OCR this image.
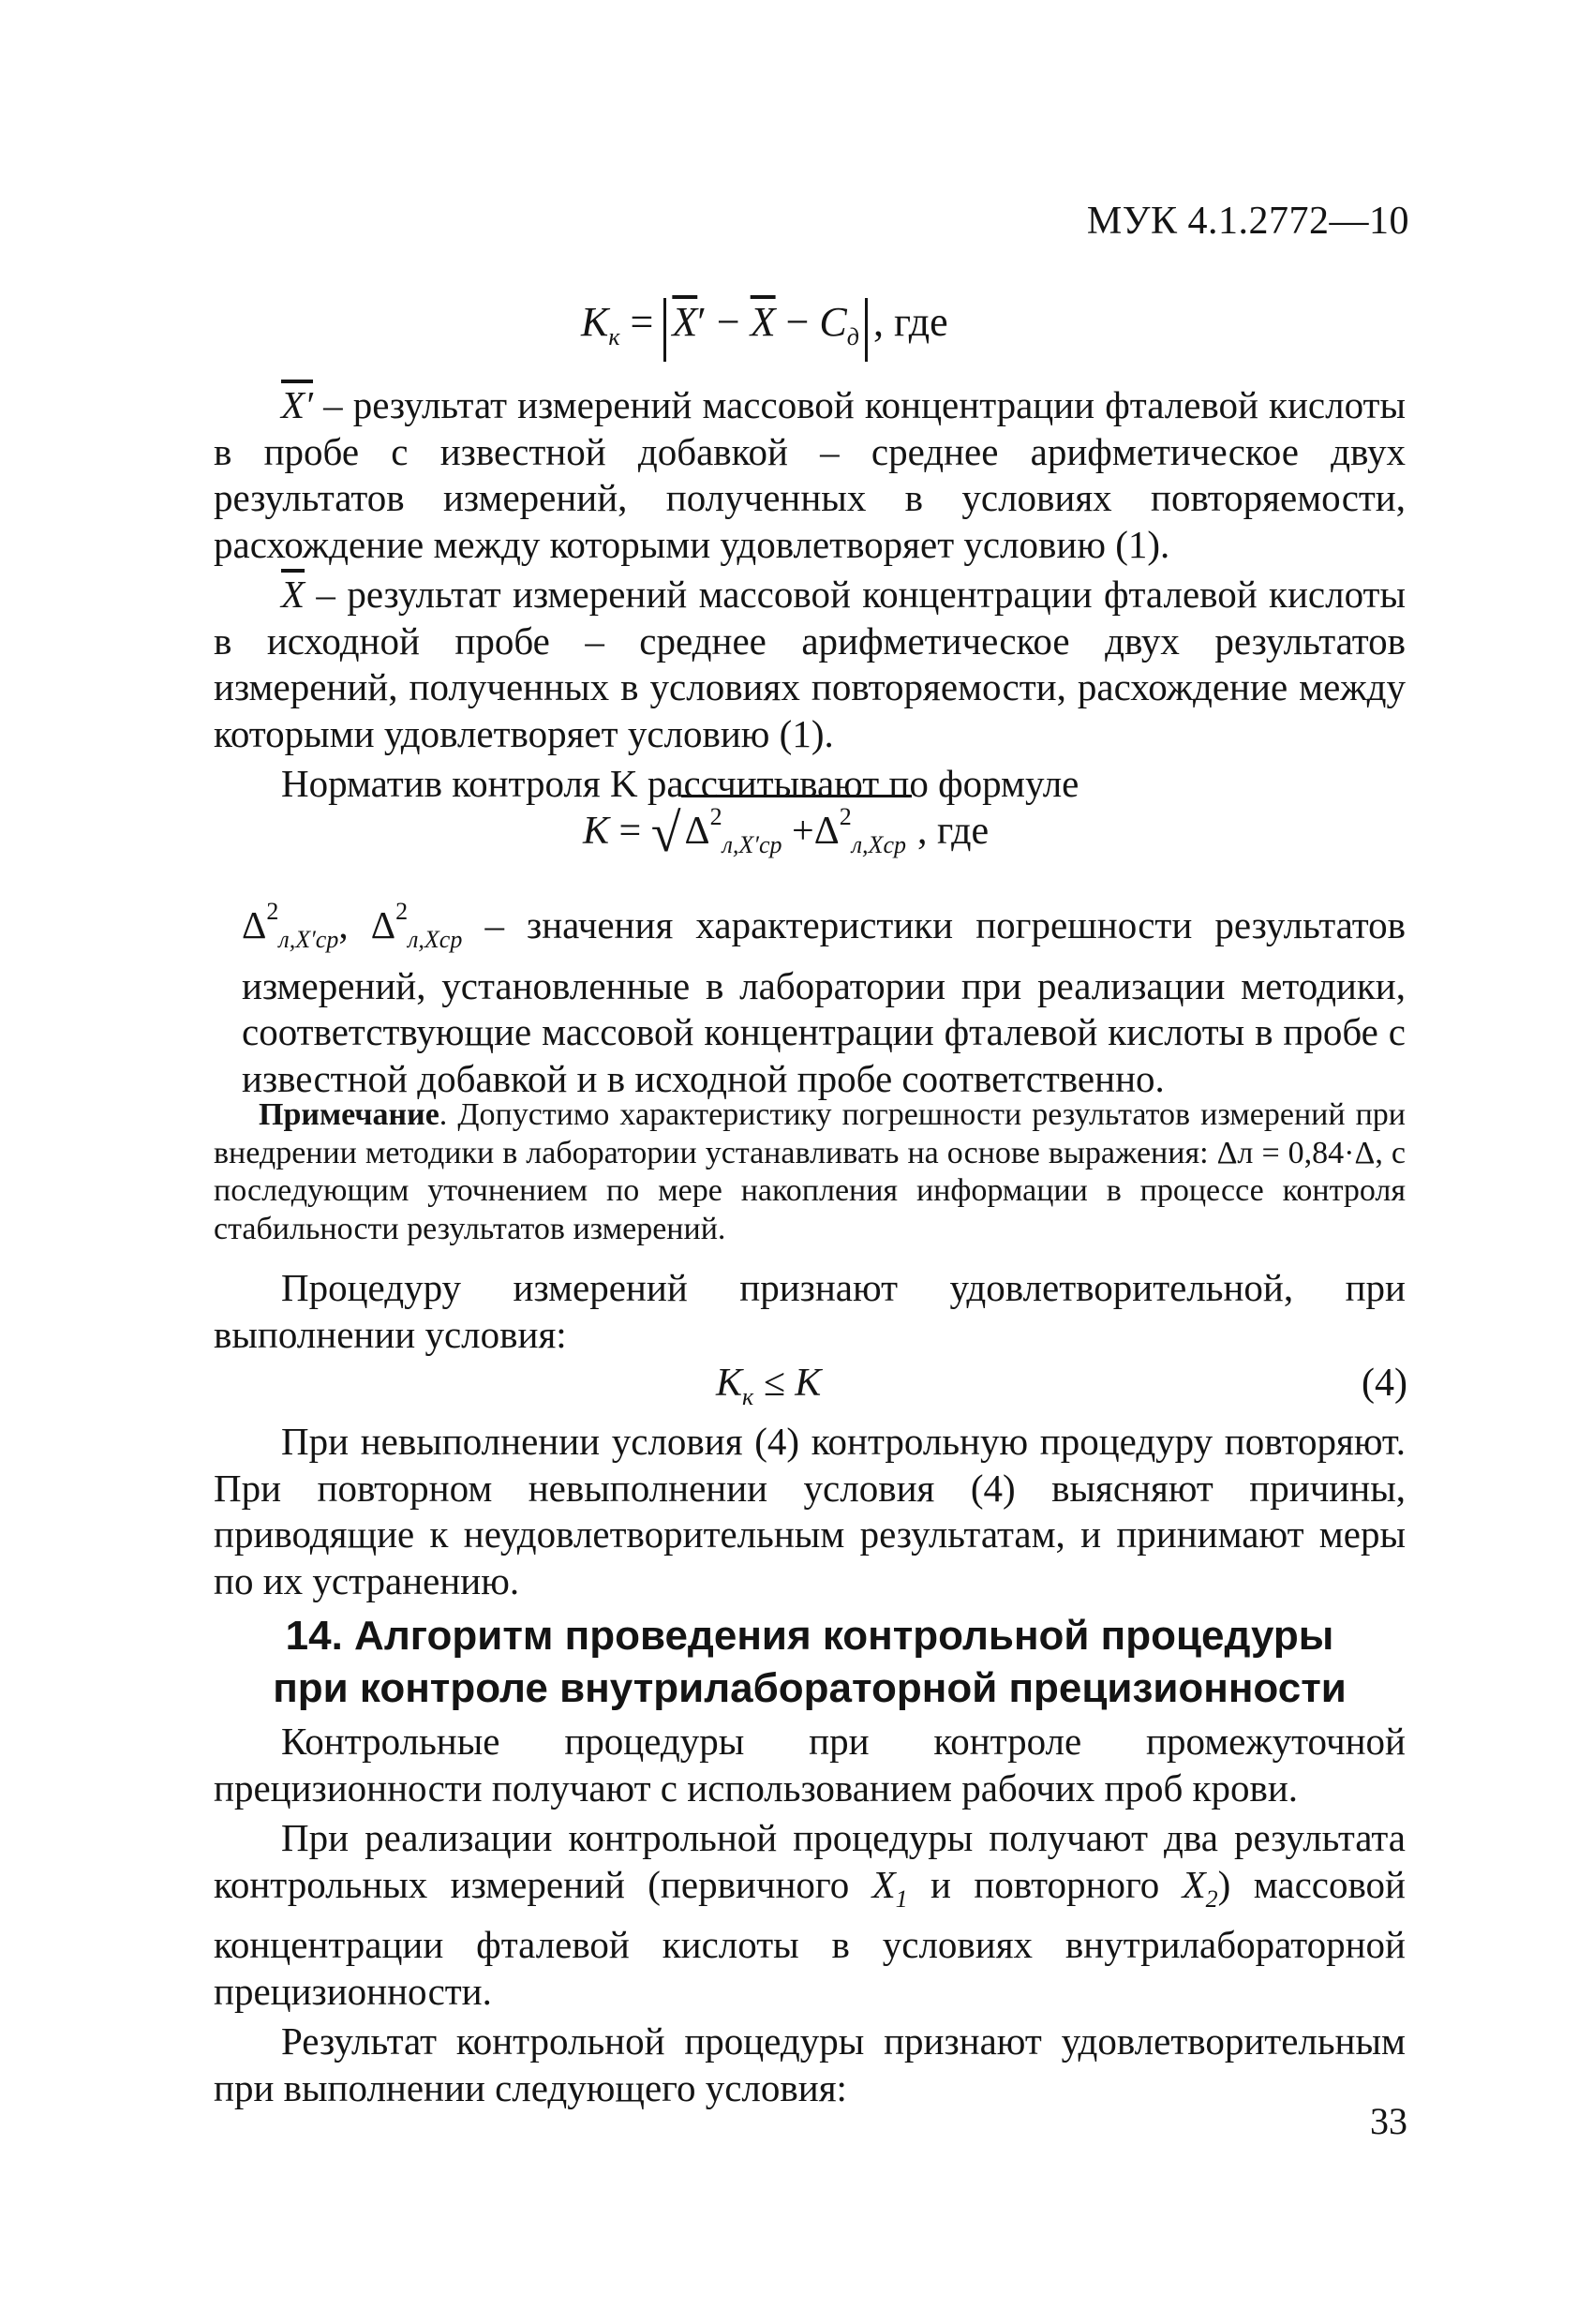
МУК 4.1.2772—10
$K_к = \overline{X}' - \overline{X} - C_д$ , где

X′ – результат измерений массовой концентрации фталевой кислоты в пробе с известной добавкой – среднее арифметическое двух результатов измерений, полученных в условиях повторяемости, расхождение между которыми удовлетворяет условию (1).

$\overline{X}$ – результат измерений массовой концентрации фталевой кислоты в исходной пробе – среднее арифметическое двух результатов измерений, полученных в условиях повторяемости, расхождение между которыми удовлетворяет условию (1).

Норматив контроля K рассчитывают по формуле

$K = √\Delta^2_{л,X'ср} +\Delta^2_{л,Xср}$ , где

$\Delta^2_{л,X'ср}$, $\Delta^2_{л,Xср}$ – значения характеристики погрешности результатов измерений, установленные в лаборатории при реализации методики, соответствующие массовой концентрации фталевой кислоты в пробе с известной добавкой и в исходной пробе соответственно.

Примечание. Допустимо характеристику погрешности результатов измерений при внедрении методики в лаборатории устанавливать на основе выражения: Δл = 0,84·Δ, с последующим уточнением по мере накопления информации в процессе контроля стабильности результатов измерений.

Процедуру измерений признают удовлетворительной, при выполнении условия:

$K_к \le K$	(4)

При невыполнении условия (4) контрольную процедуру повторяют. При повторном невыполнении условия (4) выясняют причины, приводящие к неудовлетворительным результатам, и принимают меры по их устранению.

14. Алгоритм проведения контрольной процедуры
при контроле внутрилабораторной прецизионности

Контрольные процедуры при контроле промежуточной прецизионности получают с использованием рабочих проб крови.

При реализации контрольной процедуры получают два результата контрольных измерений (первичного $X_1$ и повторного $X_2$) массовой концентрации фталевой кислоты в условиях внутрилабораторной прецизионности.

Результат контрольной процедуры признают удовлетворительным при выполнении следующего условия:

33
